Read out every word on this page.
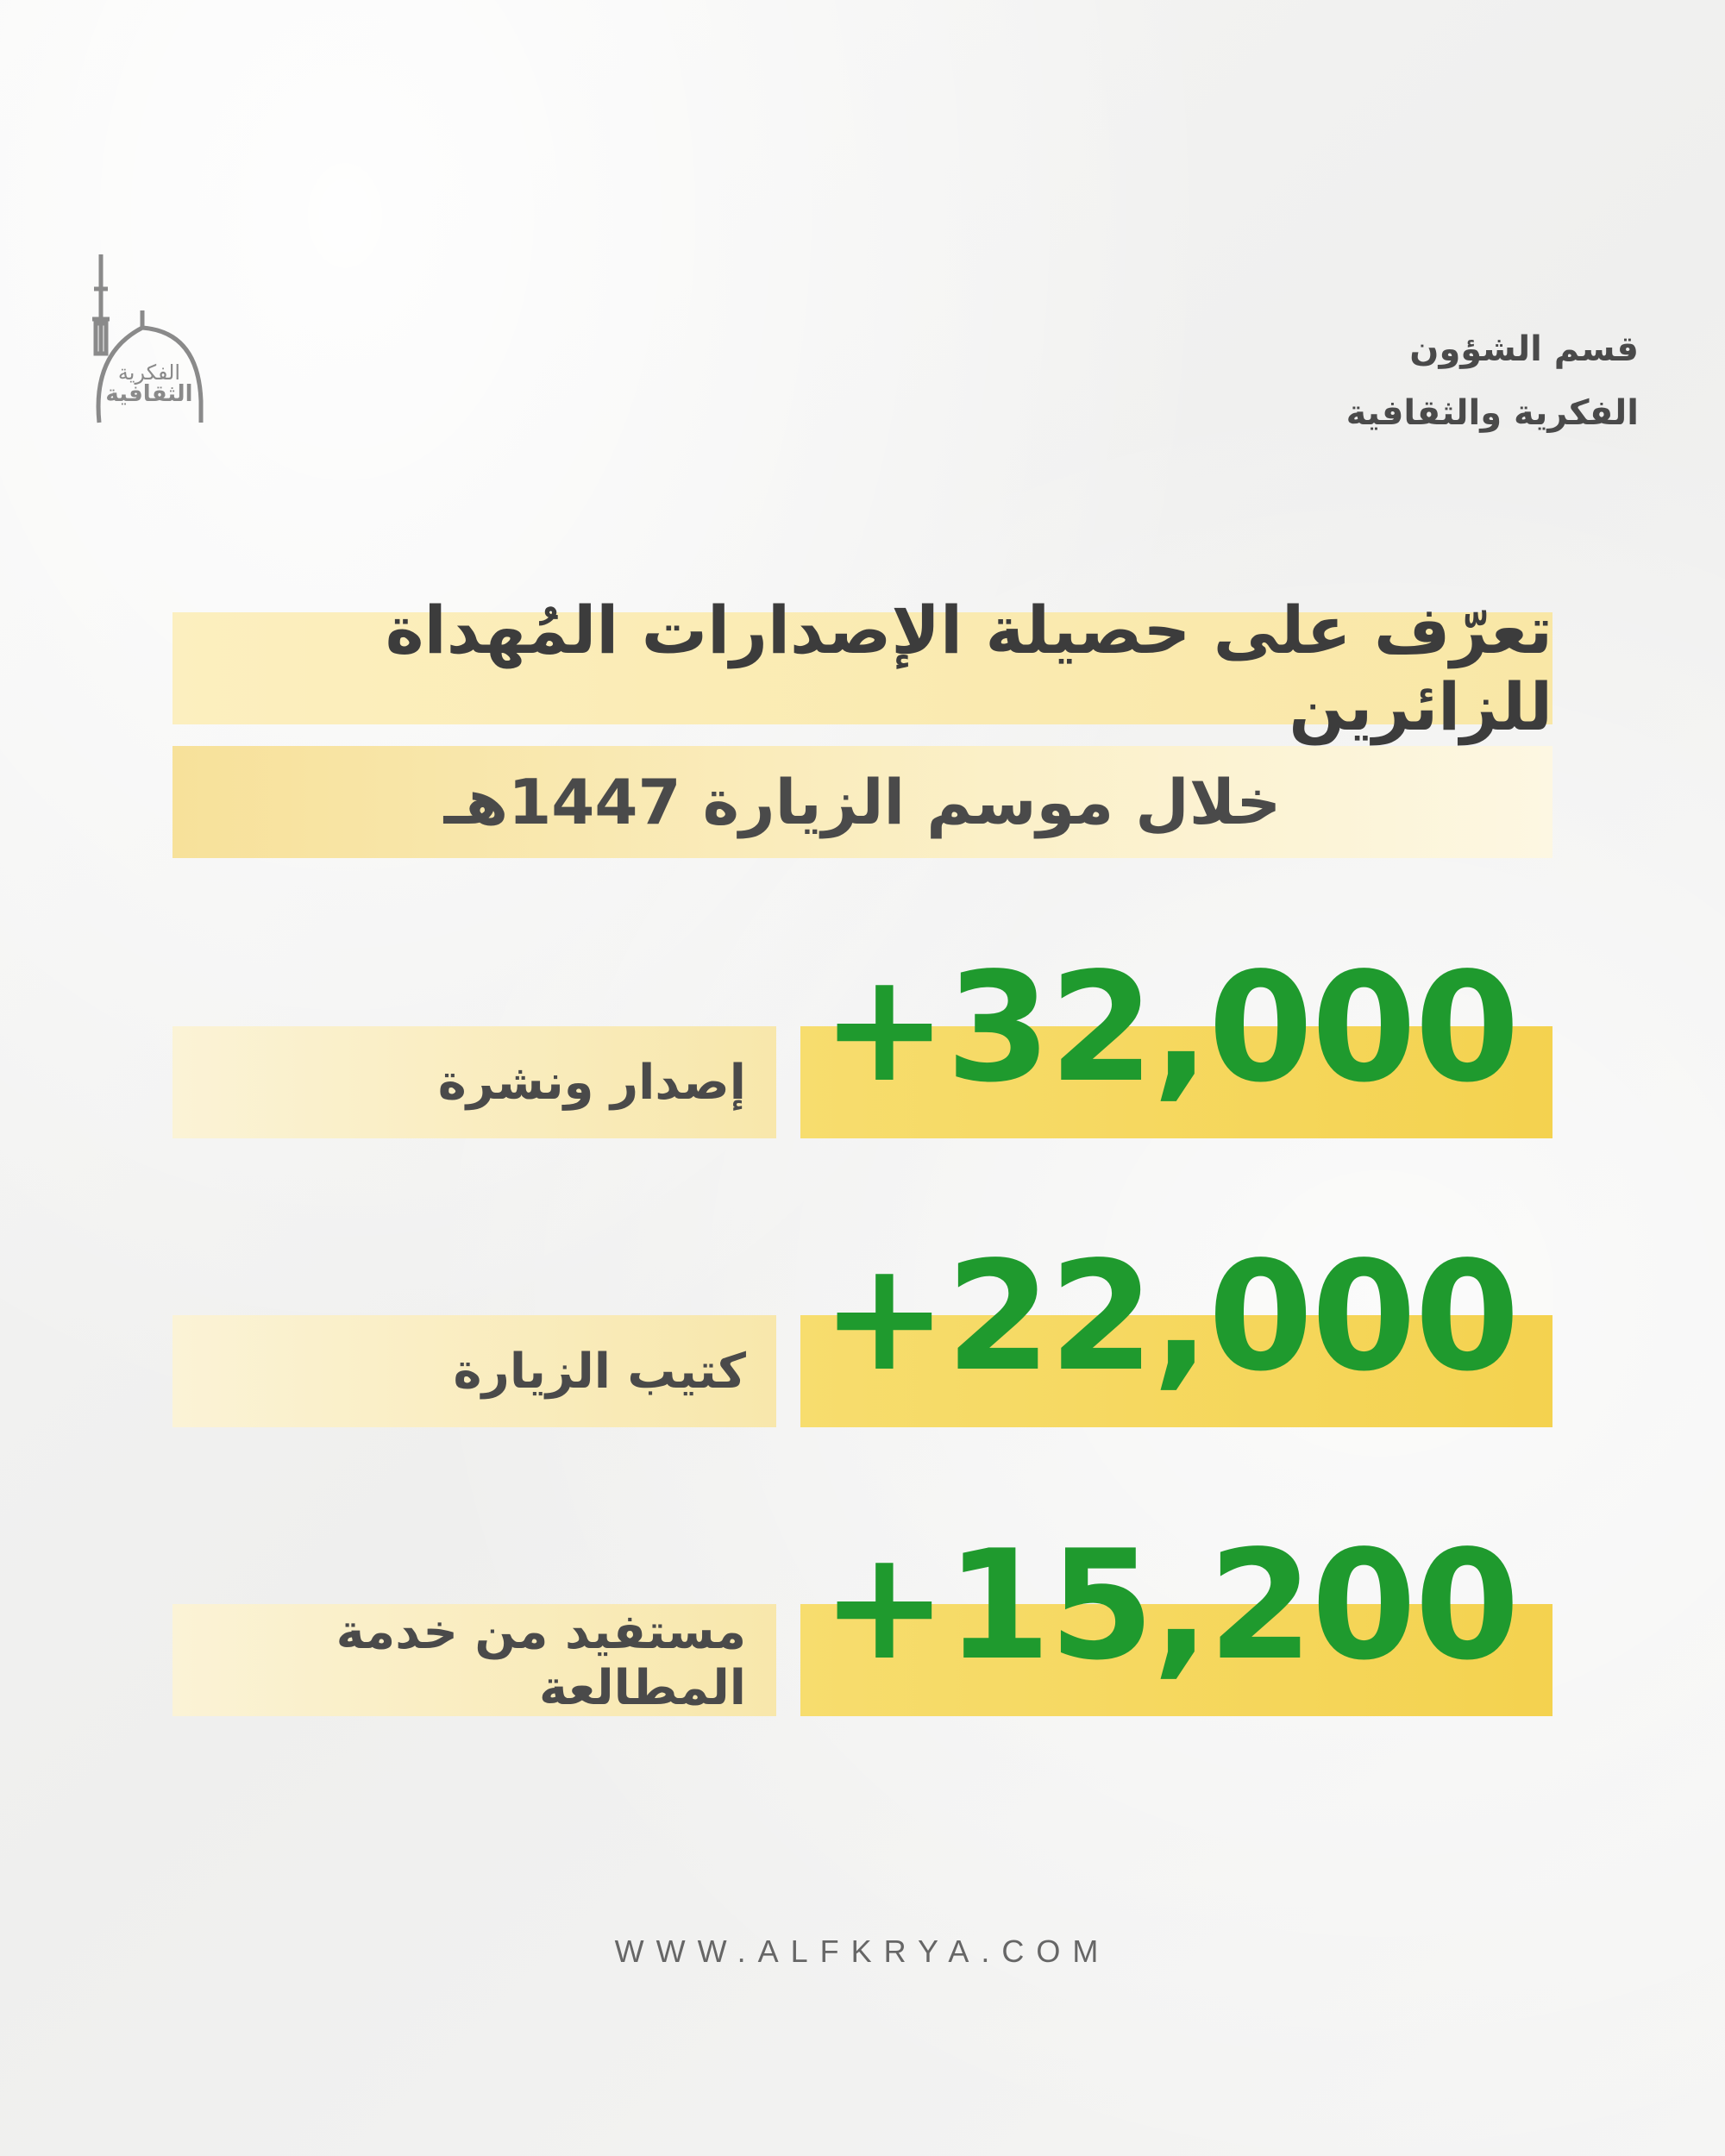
الثقافية
الفكرية
قسم الشؤون
الفكرية والثقافية
تعرّف على حصيلة الإصدارات المُهداة للزائرين
خلال موسم الزيارة 1447هـ
إصدار ونشرة +32,000
كتيب الزيارة +22,000
مستفيد من خدمة المطالعة +15,200
WWW.ALFKRYA.COM
